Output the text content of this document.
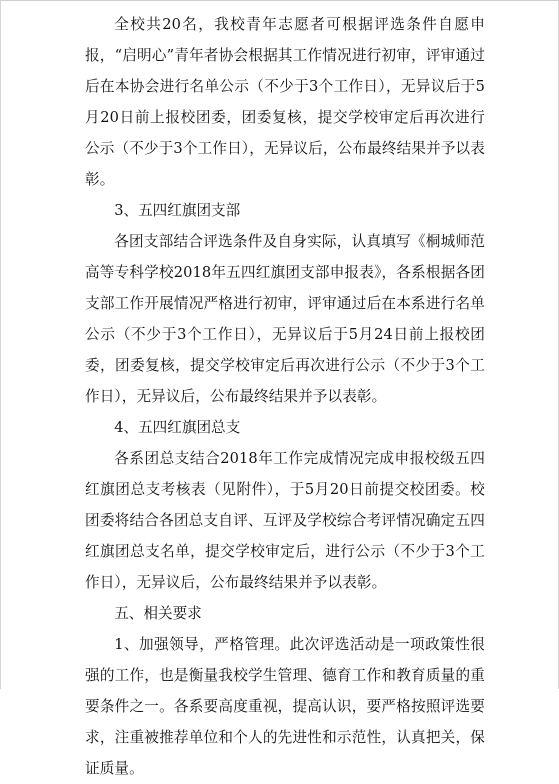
全校共20名，我校青年志愿者可根据评选条件自愿申报，“启明心”青年者协会根据其工作情况进行初审，评审通过后在本协会进行名单公示（不少于3个工作日），无异议后于5月20日前上报校团委，团委复核，提交学校审定后再次进行公示（不少于3个工作日），无异议后，公布最终结果并予以表彰。

3、五四红旗团支部

各团支部结合评选条件及自身实际，认真填写《桐城师范高等专科学校2018年五四红旗团支部申报表》，各系根据各团支部工作开展情况严格进行初审，评审通过后在本系进行名单公示（不少于3个工作日），无异议后于5月24日前上报校团委，团委复核，提交学校审定后再次进行公示（不少于3个工作日），无异议后，公布最终结果并予以表彰。

4、五四红旗团总支

各系团总支结合2018年工作完成情况完成申报校级五四红旗团总支考核表（见附件），于5月20日前提交校团委。校团委将结合各团总支自评、互评及学校综合考评情况确定五四红旗团总支名单，提交学校审定后，进行公示（不少于3个工作日），无异议后，公布最终结果并予以表彰。

五、相关要求

1、加强领导，严格管理。此次评选活动是一项政策性很强的工作，也是衡量我校学生管理、德育工作和教育质量的重要条件之一。各系要高度重视，提高认识，要严格按照评选要求，注重被推荐单位和个人的先进性和示范性，认真把关，保证质量。
